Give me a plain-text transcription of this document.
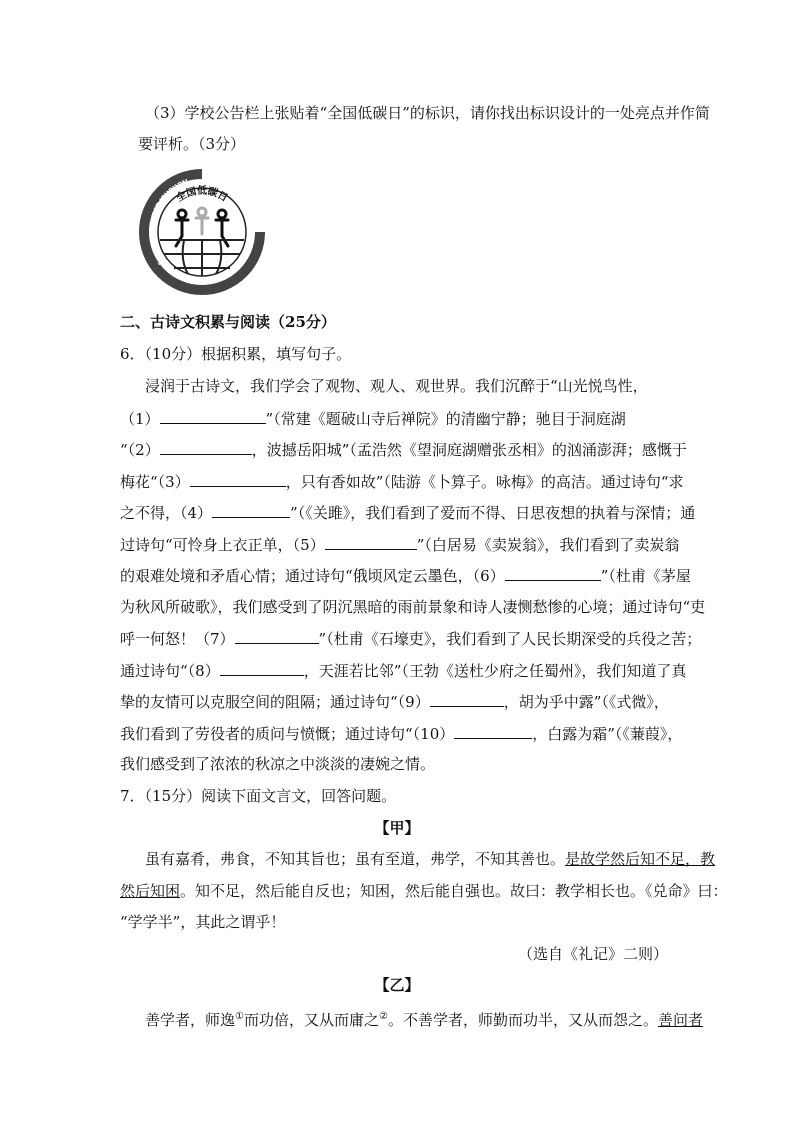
（3）学校公告栏上张贴着“全国低碳日”的标识，请你找出标识设计的一处亮点并作简
要评析。（3分）
全国低碳日
National Low Carbon Day
二、古诗文积累与阅读（25分）
6．（10分）根据积累，填写句子。
浸润于古诗文，我们学会了观物、观人、观世界。我们沉醉于“山光悦鸟性，
（1）	”（常建《题破山寺后禅院》的清幽宁静；驰目于洞庭湖
“（2）	，波撼岳阳城”（孟浩然《望洞庭湖赠张丞相》的汹涌澎湃；感慨于
梅花“（3）	，只有香如故”（陆游《卜算子。咏梅》的高洁。通过诗句“求
之不得，（4）	”（《关雎》，我们看到了爱而不得、日思夜想的执着与深情；通
过诗句“可怜身上衣正单，（5）	”（白居易《卖炭翁》，我们看到了卖炭翁
的艰难处境和矛盾心情；通过诗句“俄顷风定云墨色，（6）	”（杜甫《茅屋
为秋风所破歌》，我们感受到了阴沉黑暗的雨前景象和诗人凄恻愁惨的心境；通过诗句“吏
呼一何怒！（7）	”（杜甫《石壕吏》，我们看到了人民长期深受的兵役之苦；
通过诗句“（8）	，天涯若比邻”（王勃《送杜少府之任蜀州》，我们知道了真
挚的友情可以克服空间的阻隔；通过诗句“（9）	，胡为乎中露”（《式微》，
我们看到了劳役者的质问与愤慨；通过诗句“（10）	，白露为霜”（《蒹葭》，
我们感受到了浓浓的秋凉之中淡淡的凄婉之情。
7．（15分）阅读下面文言文，回答问题。
【甲】
虽有嘉肴，弗食，不知其旨也；虽有至道，弗学，不知其善也。是故学然后知不足，教
然后知困。知不足，然后能自反也；知困，然后能自强也。故曰：教学相长也。《兑命》曰：
“学学半”，其此之谓乎！
（选自《礼记》二则）
【乙】
善学者，师逸①而功倍，又从而庸之②。不善学者，师勤而功半，又从而怨之。善问者
